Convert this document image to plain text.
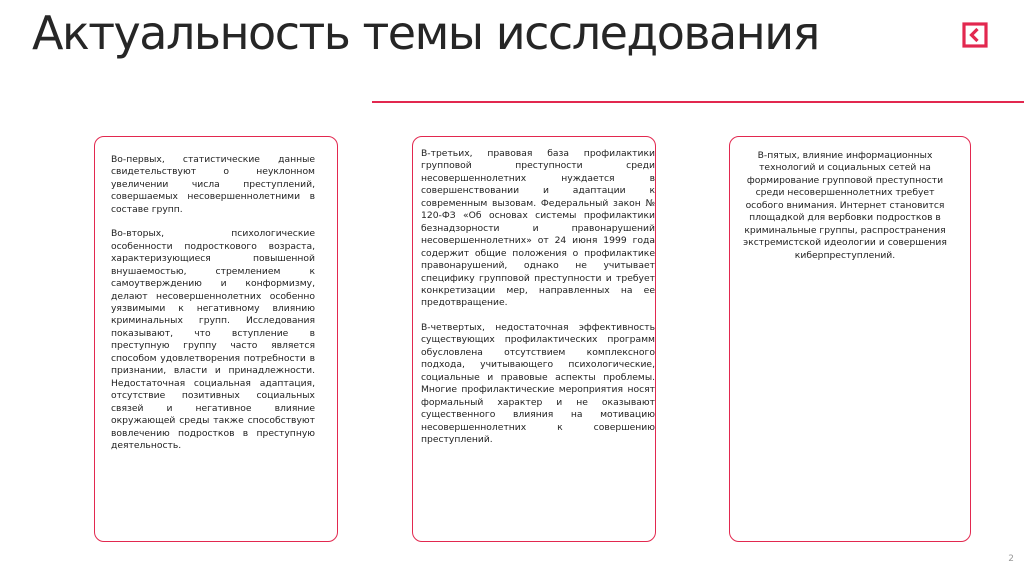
Актуальность темы исследования

Во-первых, статистические данные свидетельствуют о неуклонном увеличении числа преступлений, совершаемых несовершеннолетними в составе групп.

Во-вторых, психологические особенности подросткового возраста, характеризующиеся повышенной внушаемостью, стремлением к самоутверждению и конформизму, делают несовершеннолетних особенно уязвимыми к негативному влиянию криминальных групп. Исследования показывают, что вступление в преступную группу часто является способом удовлетворения потребности в признании, власти и принадлежности. Недостаточная социальная адаптация, отсутствие позитивных социальных связей и негативное влияние окружающей среды также способствуют вовлечению подростков в преступную деятельность.

В-третьих, правовая база профилактики групповой преступности среди несовершеннолетних нуждается в совершенствовании и адаптации к современным вызовам. Федеральный закон № 120-ФЗ «Об основах системы профилактики безнадзорности и правонарушений несовершеннолетних» от 24 июня 1999 года содержит общие положения о профилактике правонарушений, однако не учитывает специфику групповой преступности и требует конкретизации мер, направленных на ее предотвращение.

В-четвертых, недостаточная эффективность существующих профилактических программ обусловлена отсутствием комплексного подхода, учитывающего психологические, социальные и правовые аспекты проблемы. Многие профилактические мероприятия носят формальный характер и не оказывают существенного влияния на мотивацию несовершеннолетних к совершению преступлений.

В-пятых, влияние информационных технологий и социальных сетей на формирование групповой преступности среди несовершеннолетних требует особого внимания. Интернет становится площадкой для вербовки подростков в криминальные группы, распространения экстремистской идеологии и совершения киберпреступлений.

2
